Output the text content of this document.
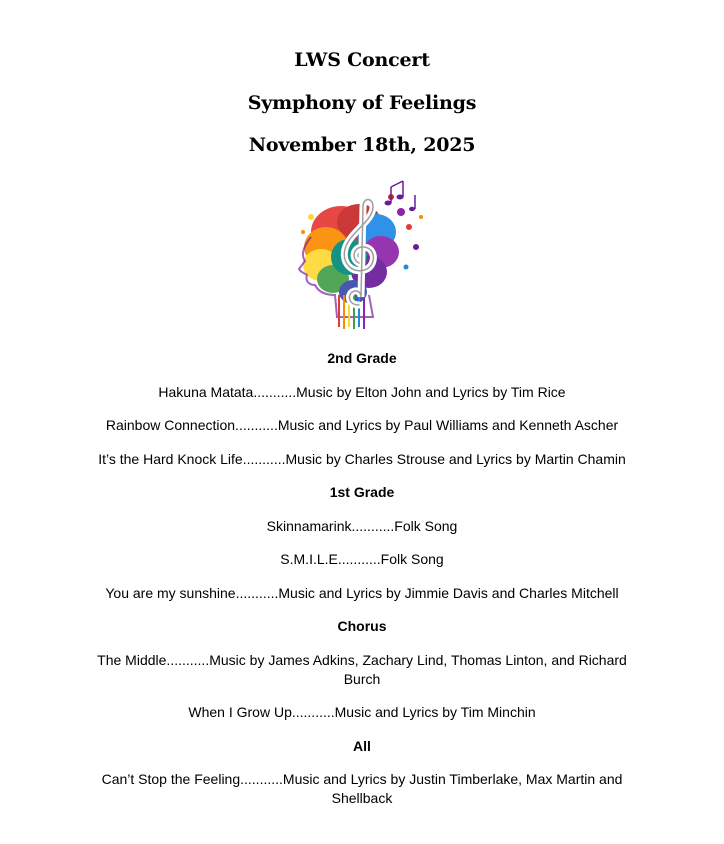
LWS Concert
Symphony of Feelings
November 18th, 2025
2nd Grade
Hakuna Matata...........Music by Elton John and Lyrics by Tim Rice
Rainbow Connection...........Music and Lyrics by Paul Williams and Kenneth Ascher
It’s the Hard Knock Life...........Music by Charles Strouse and Lyrics by Martin Chamin
1st Grade
Skinnamarink...........Folk Song
S.M.I.L.E...........Folk Song
You are my sunshine...........Music and Lyrics by Jimmie Davis and Charles Mitchell
Chorus
The Middle...........Music by James Adkins, Zachary Lind, Thomas Linton, and Richard Burch
When I Grow Up...........Music and Lyrics by Tim Minchin
All
Can’t Stop the Feeling...........Music and Lyrics by Justin Timberlake, Max Martin and Shellback
